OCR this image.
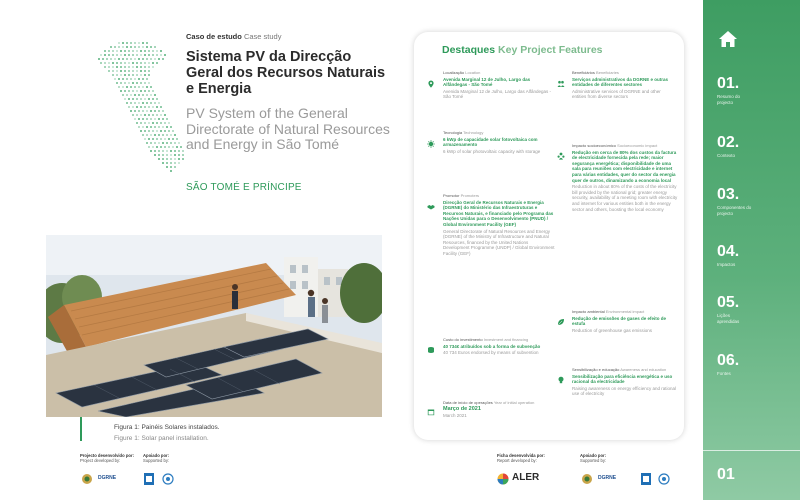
Caso de estudo Case study
Sistema PV da Direcção Geral dos Recursos Naturais e Energia
PV System of the General Directorate of Natural Resources and Energy in São Tomé
SÃO TOMÉ E PRÍNCIPE
Figura 1: Painéis Solares instalados.
Figure 1: Solar panel installation.
Projecto desenvolvido por:
Project developed by:
DGRNE
Apoiado por:
Supported by:
Ficha desenvolvida por:
Report developed by:
ALER
Apoiado por:
Supported by:
DGRNE
Destaques Key Project Features
Localização Location
Avenida Marginal 12 de Julho, Largo das Alfândegas - São Tomé
Avenida Marginal 12 de Julho, Largo das Alfândegas - São Tomé
Tecnologia Technology
6 kWp de capacidade solar fotovoltaica com armazenamento
6 kWp of solar photovoltaic capacity with storage
Promotor Promoters
Direcção Geral de Recursos Naturais e Energia (DGRNE) do Ministério das Infraestruturas e Recursos Naturais, e financiado pelo Programa das Nações Unidas para o Desenvolvimento (PNUD) / Global Environment Facility (GEF)
General Directorate of Natural Resources and Energy (DGRNE) of the Ministry of Infrastructure and Natural Resources, financed by the United Nations Development Programme (UNDP) / Global Environment Facility (GEF)
Custo do investimento Investment and financing
40 734€ atribuídos sob a forma de subvenção
40 734 Euros endorsed by means of subvention
Data de início de operações Year of initial operation
Março de 2021
March 2021
Beneficiários Beneficiaries
Serviços administrativos da DGRNE e outras entidades de diferentes sectores
Administrative services of DGRNE and other entities from diverse sectors
Impacto socioeconómico Socioeconomic impact
Redução em cerca de 80% dos custos da factura de electricidade fornecida pela rede; maior segurança energética; disponibilidade de uma sala para reuniões com electricidade e internet para várias entidades, quer do sector da energia quer de outros, dinamizando a economia local
Reduction in about 80% of the costs of the electricity bill provided by the national grid; greater energy security, availability of a meeting room with electricity and internet for various entities both in the energy sector and others, boosting the local economy
Impacto ambiental Environmental impact
Redução de emissões de gases de efeito de estufa
Reduction of greenhouse gas emissions
Sensibilização e educação Awareness and education
Sensibilização para eficiência energética e uso racional da electricidade
Raising awareness on energy efficiency and rational use of electricity
01.
Resumo do projecto
02.
Contexto
03.
Componentes do projecto
04.
Impactos
05.
Lições aprendidas
06.
Fontes
01
